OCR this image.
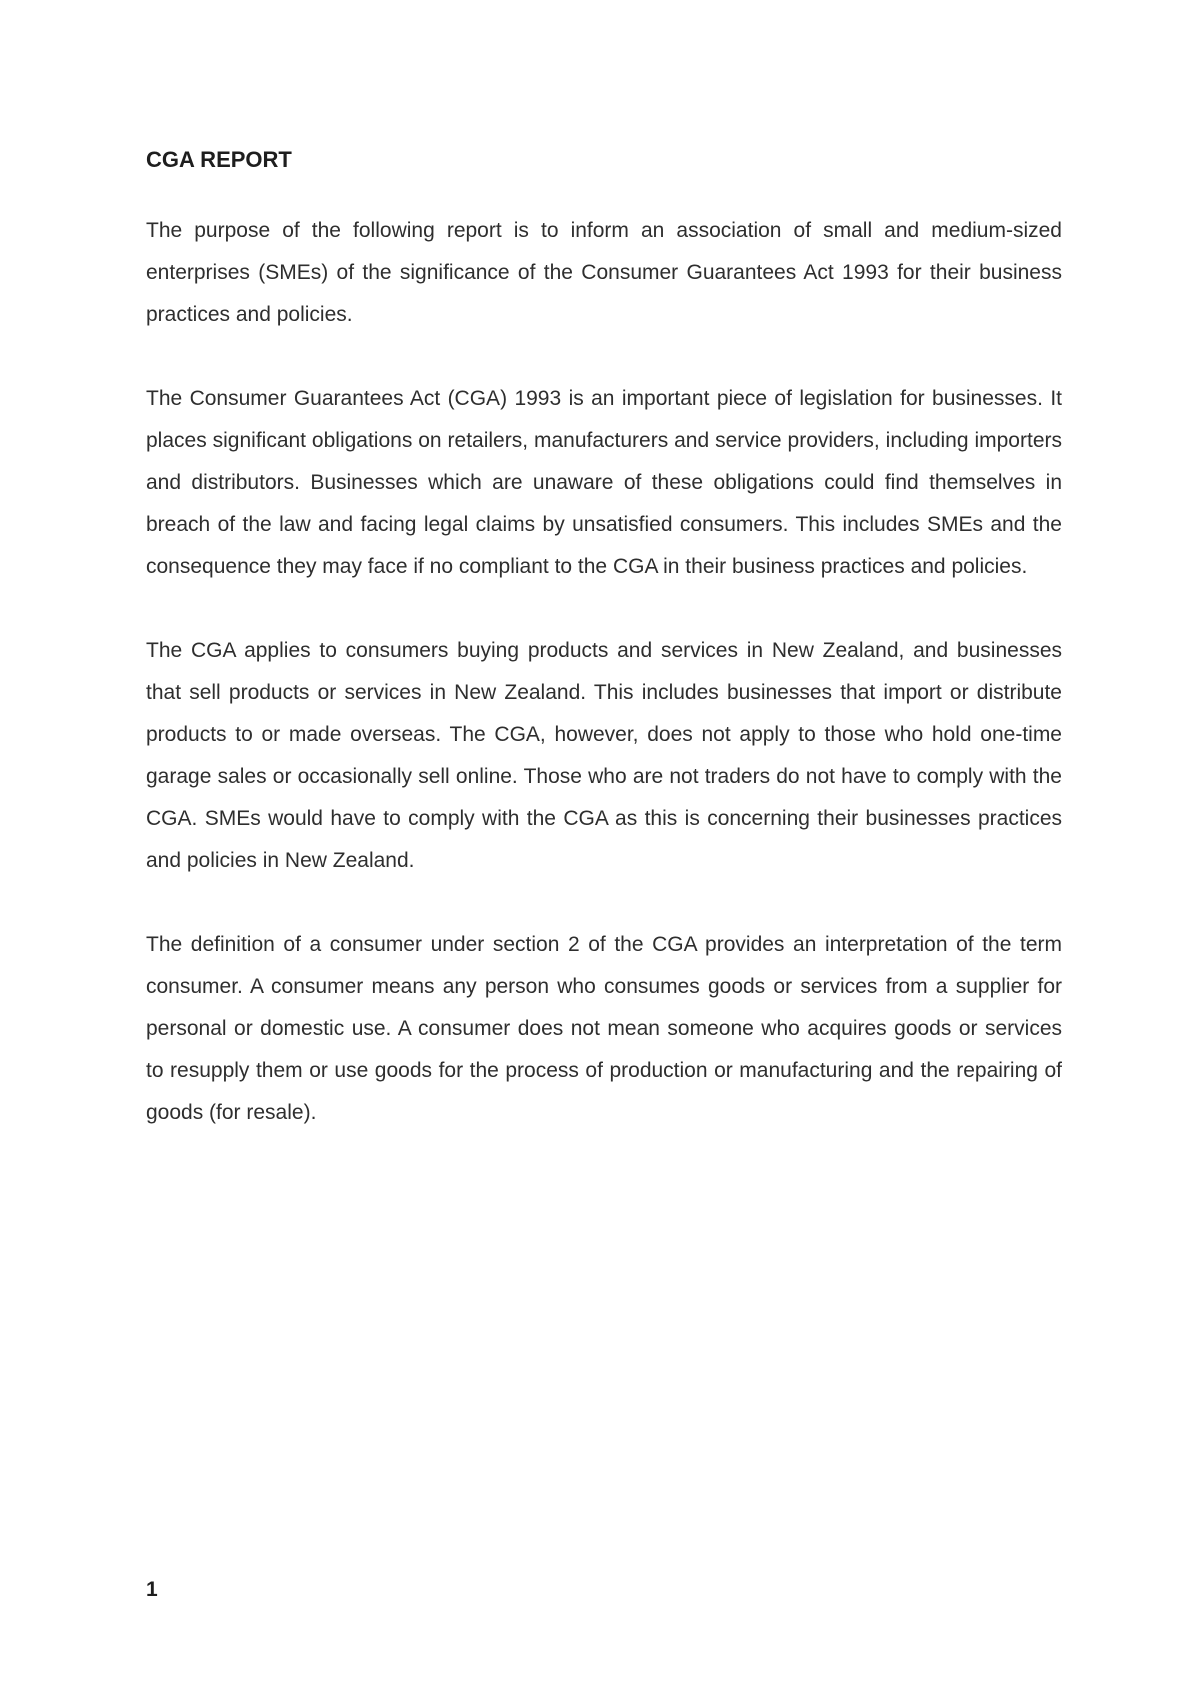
CGA REPORT

The purpose of the following report is to inform an association of small and medium-sized enterprises (SMEs) of the significance of the Consumer Guarantees Act 1993 for their business practices and policies.

The Consumer Guarantees Act (CGA) 1993 is an important piece of legislation for businesses. It places significant obligations on retailers, manufacturers and service providers, including importers and distributors. Businesses which are unaware of these obligations could find themselves in breach of the law and facing legal claims by unsatisfied consumers. This includes SMEs and the consequence they may face if no compliant to the CGA in their business practices and policies.

The CGA applies to consumers buying products and services in New Zealand, and businesses that sell products or services in New Zealand. This includes businesses that import or distribute products to or made overseas. The CGA, however, does not apply to those who hold one-time garage sales or occasionally sell online. Those who are not traders do not have to comply with the CGA. SMEs would have to comply with the CGA as this is concerning their businesses practices and policies in New Zealand.

The definition of a consumer under section 2 of the CGA provides an interpretation of the term consumer. A consumer means any person who consumes goods or services from a supplier for personal or domestic use. A consumer does not mean someone who acquires goods or services to resupply them or use goods for the process of production or manufacturing and the repairing of goods (for resale).

1
